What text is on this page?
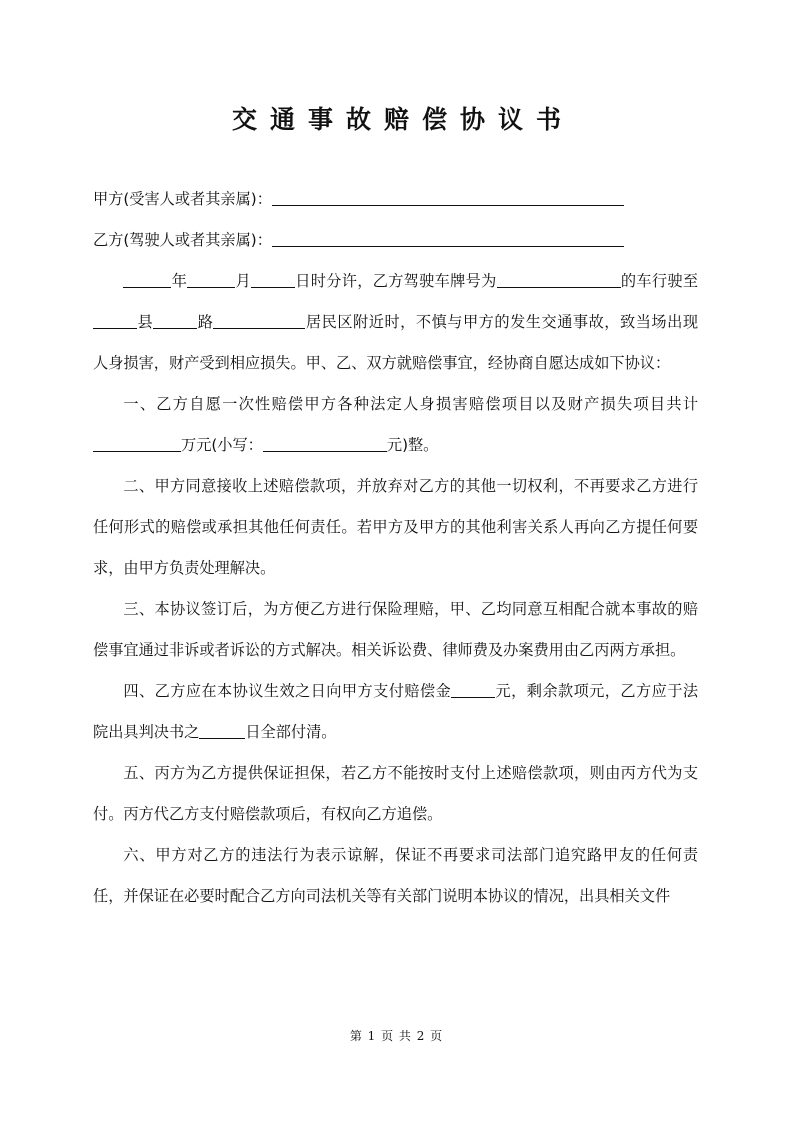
交通事故赔偿协议书
甲方(受害人或者其亲属)：
乙方(驾驶人或者其亲属)：

年	月	日时分许，乙方驾驶车牌号为	的车行驶至县	路	居民区附近时，不慎与甲方的发生交通事故，致当场出现人身损害，财产受到相应损失。甲、乙、双方就赔偿事宜，经协商自愿达成如下协议：

一、乙方自愿一次性赔偿甲方各种法定人身损害赔偿项目以及财产损失项目共计万元(小写：	元)整。

二、甲方同意接收上述赔偿款项，并放弃对乙方的其他一切权利，不再要求乙方进行任何形式的赔偿或承担其他任何责任。若甲方及甲方的其他利害关系人再向乙方提任何要求，由甲方负责处理解决。

三、本协议签订后，为方便乙方进行保险理赔，甲、乙均同意互相配合就本事故的赔偿事宜通过非诉或者诉讼的方式解决。相关诉讼费、律师费及办案费用由乙丙两方承担。

四、乙方应在本协议生效之日向甲方支付赔偿金	元，剩余款项元，乙方应于法院出具判决书之	日全部付清。

五、丙方为乙方提供保证担保，若乙方不能按时支付上述赔偿款项，则由丙方代为支付。丙方代乙方支付赔偿款项后，有权向乙方追偿。

六、甲方对乙方的违法行为表示谅解，保证不再要求司法部门追究路甲友的任何责任，并保证在必要时配合乙方向司法机关等有关部门说明本协议的情况，出具相关文件

第 1 页 共 2 页
